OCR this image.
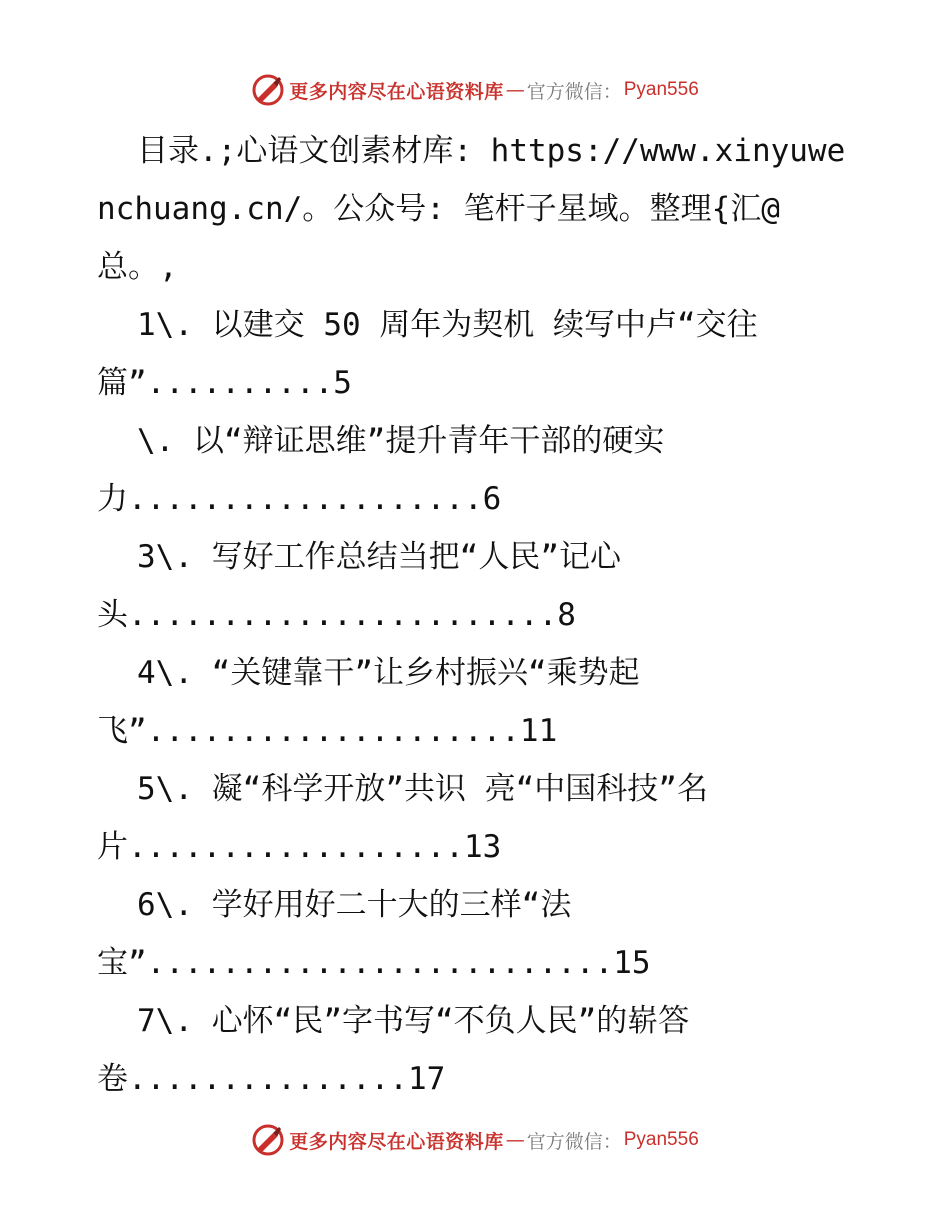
更多内容尽在心语资料库 — 官方微信： Pyan556

目录.;心语文创素材库: https://www.xinyuwenchuang.cn/。公众号: 笔杆子星域。整理{汇@总。,

1\. 以建交 50 周年为契机 续写中卢“交往
篇”..........5
\. 以“辩证思维”提升青年干部的硬实
力...................6
3\. 写好工作总结当把“人民”记心
头.......................8
4\. “关键靠干”让乡村振兴“乘势起
飞”....................11
5\. 凝“科学开放”共识 亮“中国科技”名
片..................13
6\. 学好用好二十大的三样“法
宝”.........................15
7\. 心怀“民”字书写“不负人民”的崭答
卷...............17
更多内容尽在心语资料库 — 官方微信： Pyan556
